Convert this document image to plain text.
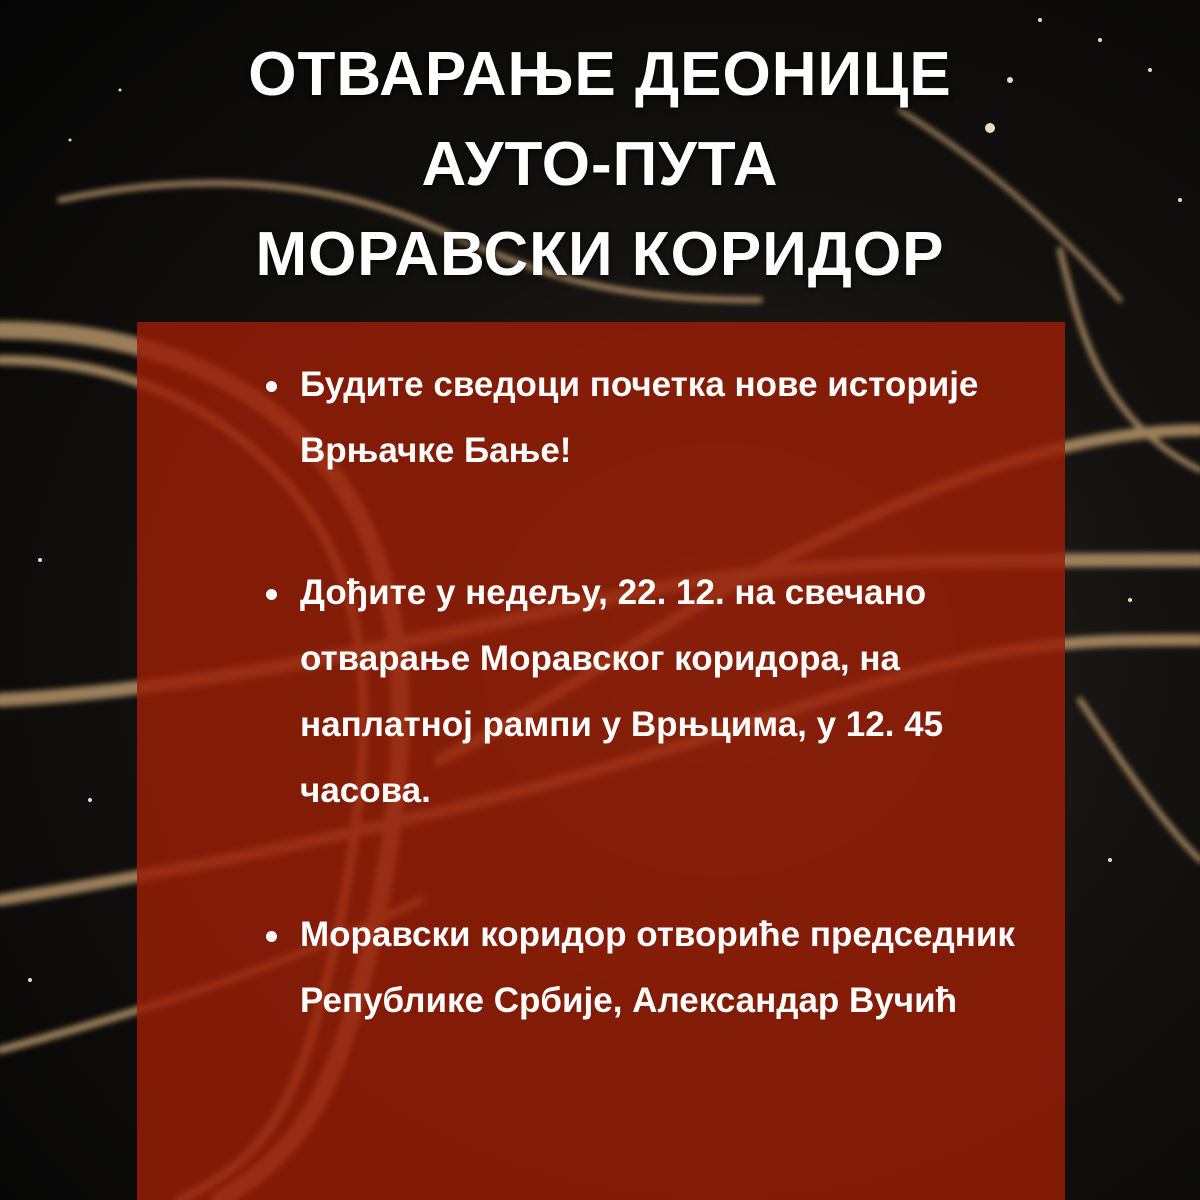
ОТВАРАЊЕ ДЕОНИЦЕ
АУТО-ПУТА
МОРАВСКИ КОРИДОР
Будите сведоци почетка нове историје Врњачке Бање!
Дођите у недељу, 22. 12. на свечано отварање Моравског коридора, на наплатној рампи у Врњцима, у 12. 45 часова.
Моравски коридор отвориће председник Републике Србије, Александар Вучић
